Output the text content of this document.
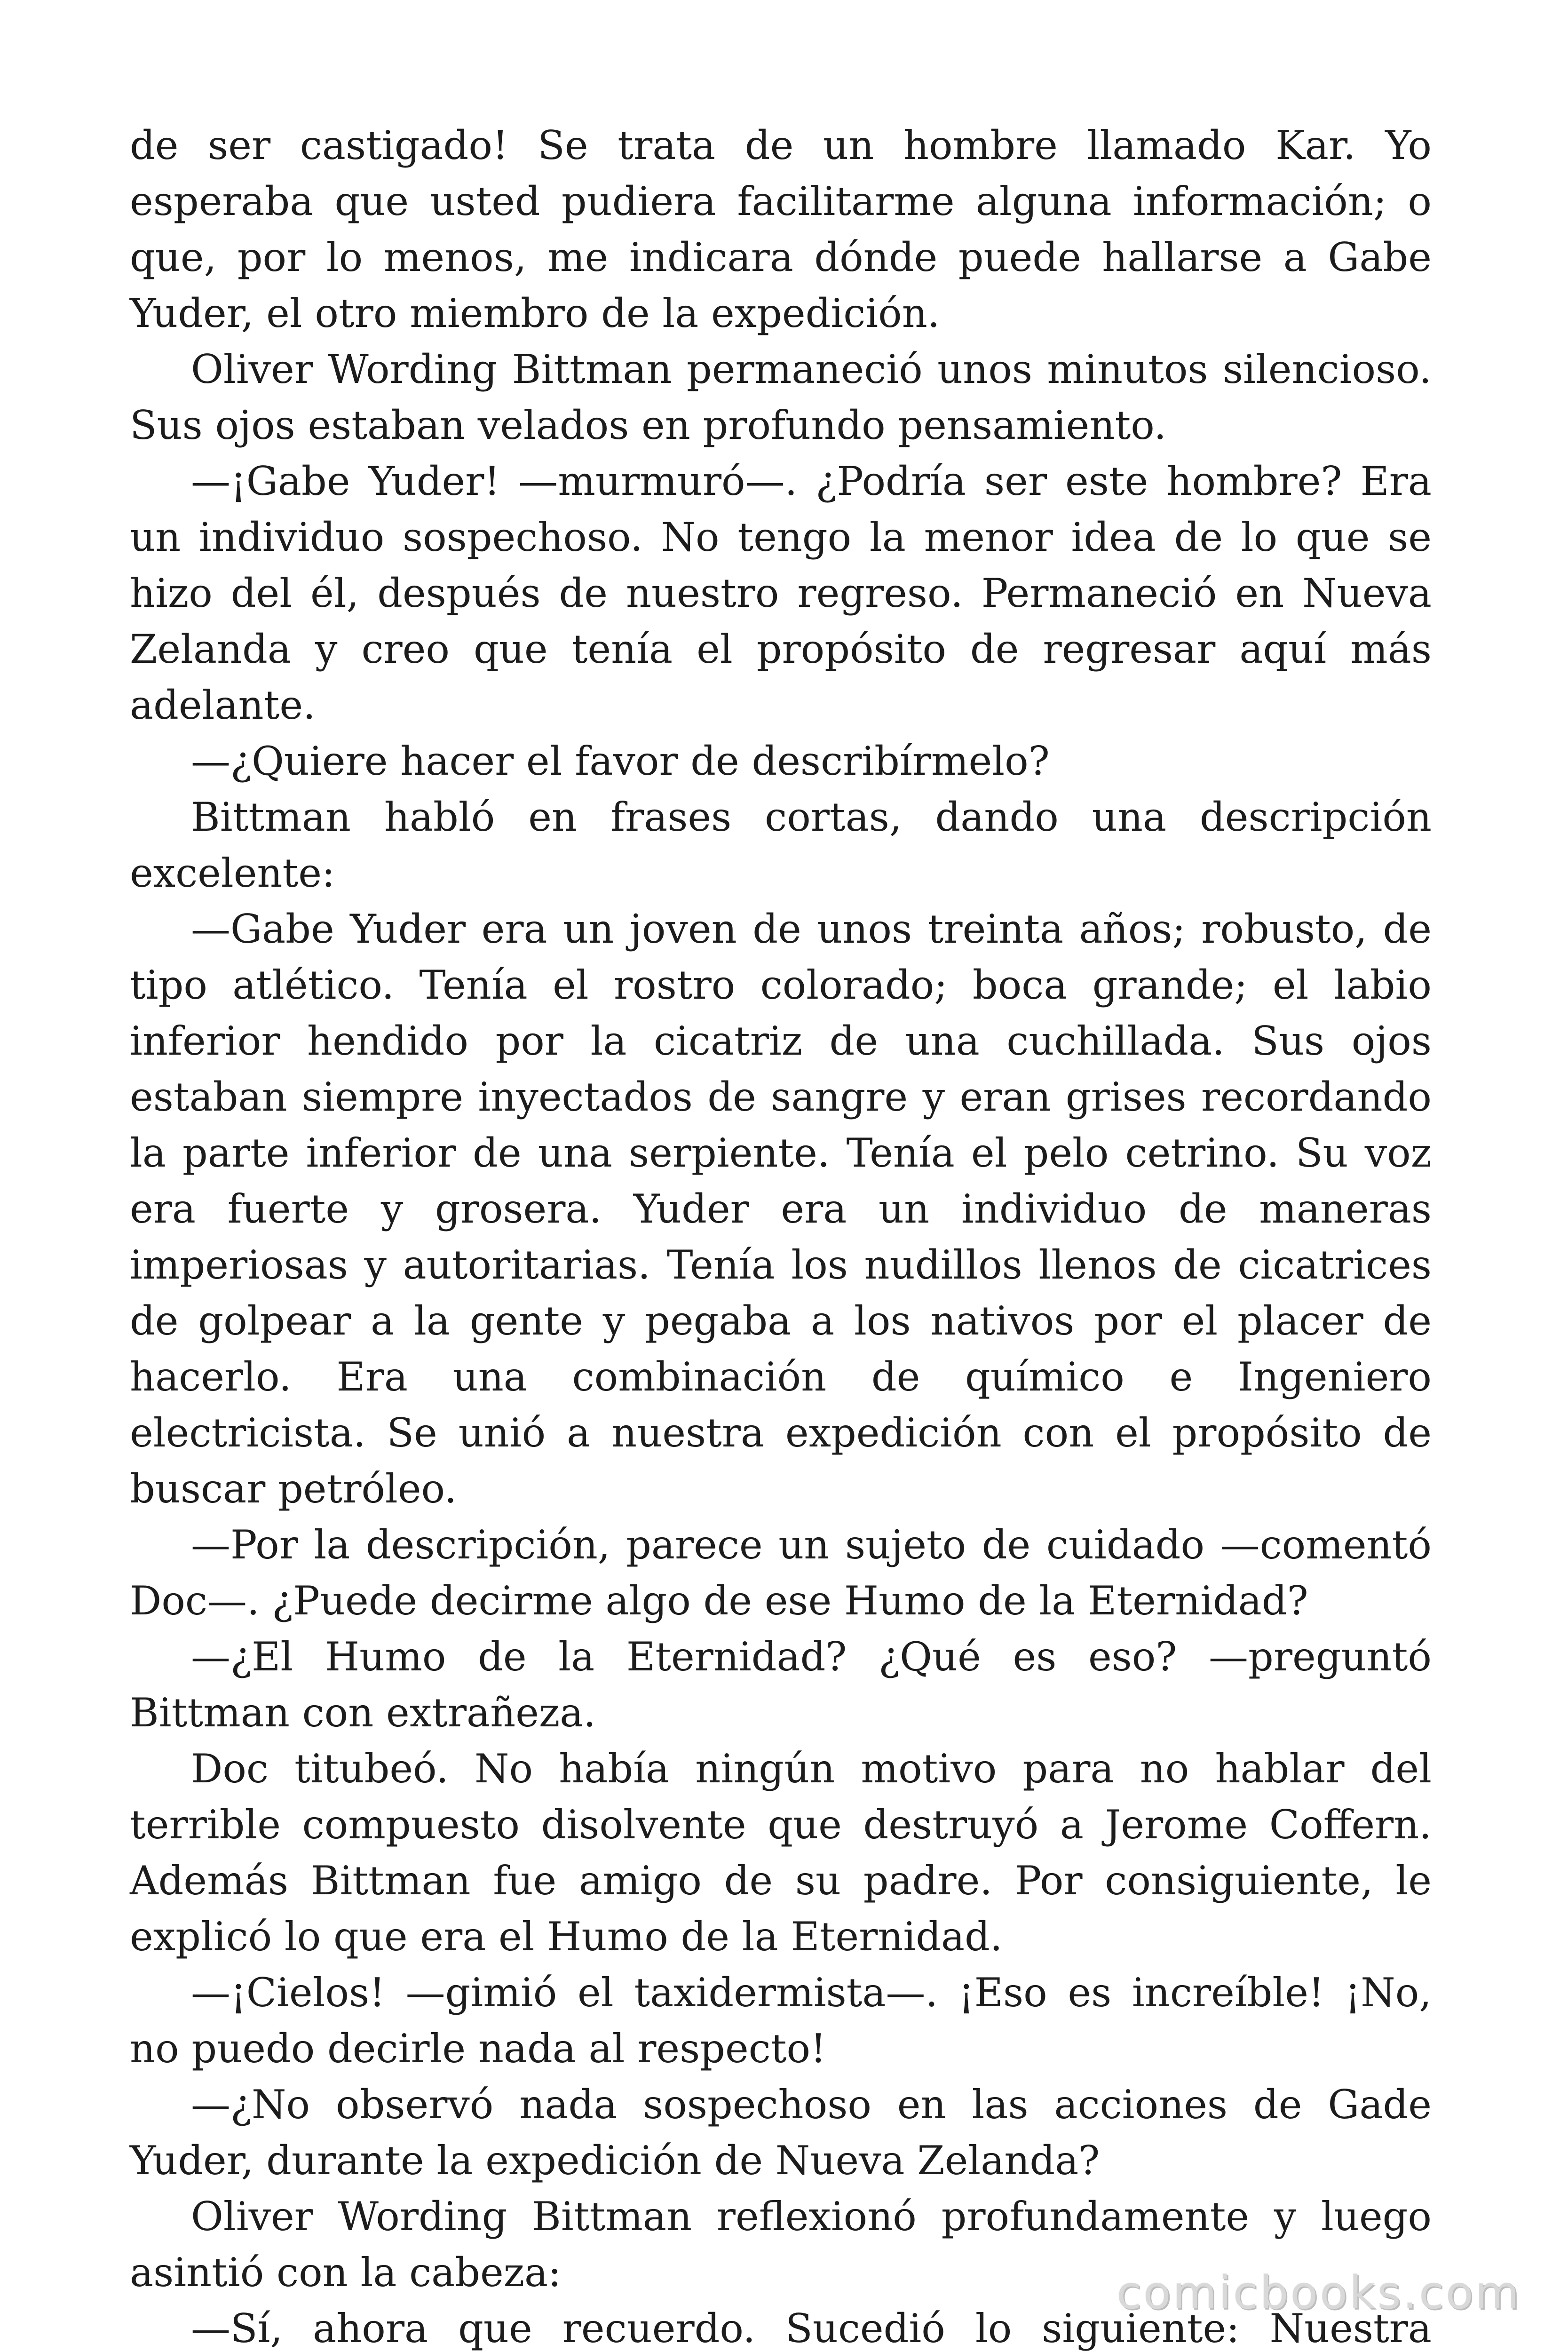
de ser castigado! Se trata de un hombre llamado Kar. Yo esperaba que usted pudiera facilitarme alguna información; o que, por lo menos, me indicara dónde puede hallarse a Gabe Yuder, el otro miembro de la expedición.

Oliver Wording Bittman permaneció unos minutos silencioso. Sus ojos estaban velados en profundo pensamiento.

—¡Gabe Yuder! —murmuró—. ¿Podría ser este hombre? Era un individuo sospechoso. No tengo la menor idea de lo que se hizo del él, después de nuestro regreso. Permaneció en Nueva Zelanda y creo que tenía el propósito de regresar aquí más adelante.

—¿Quiere hacer el favor de describírmelo?

Bittman habló en frases cortas, dando una descripción excelente:

—Gabe Yuder era un joven de unos treinta años; robusto, de tipo atlético. Tenía el rostro colorado; boca grande; el labio inferior hendido por la cicatriz de una cuchillada. Sus ojos estaban siempre inyectados de sangre y eran grises recordando la parte inferior de una serpiente. Tenía el pelo cetrino. Su voz era fuerte y grosera. Yuder era un individuo de maneras imperiosas y autoritarias. Tenía los nudillos llenos de cicatrices de golpear a la gente y pegaba a los nativos por el placer de hacerlo. Era una combinación de químico e Ingeniero electricista. Se unió a nuestra expedición con el propósito de buscar petróleo.

—Por la descripción, parece un sujeto de cuidado —comentó Doc—. ¿Puede decirme algo de ese Humo de la Eternidad?

—¿El Humo de la Eternidad? ¿Qué es eso? —preguntó Bittman con extrañeza.

Doc titubeó. No había ningún motivo para no hablar del terrible compuesto disolvente que destruyó a Jerome Coffern. Además Bittman fue amigo de su padre. Por consiguiente, le explicó lo que era el Humo de la Eternidad.

—¡Cielos! —gimió el taxidermista—. ¡Eso es increíble! ¡No, no puedo decirle nada al respecto!

—¿No observó nada sospechoso en las acciones de Gade Yuder, durante la expedición de Nueva Zelanda?

Oliver Wording Bittman reflexionó profundamente y luego asintió con la cabeza:

—Sí, ahora que recuerdo. Sucedió lo siguiente: Nuestra

comicbooks.com
